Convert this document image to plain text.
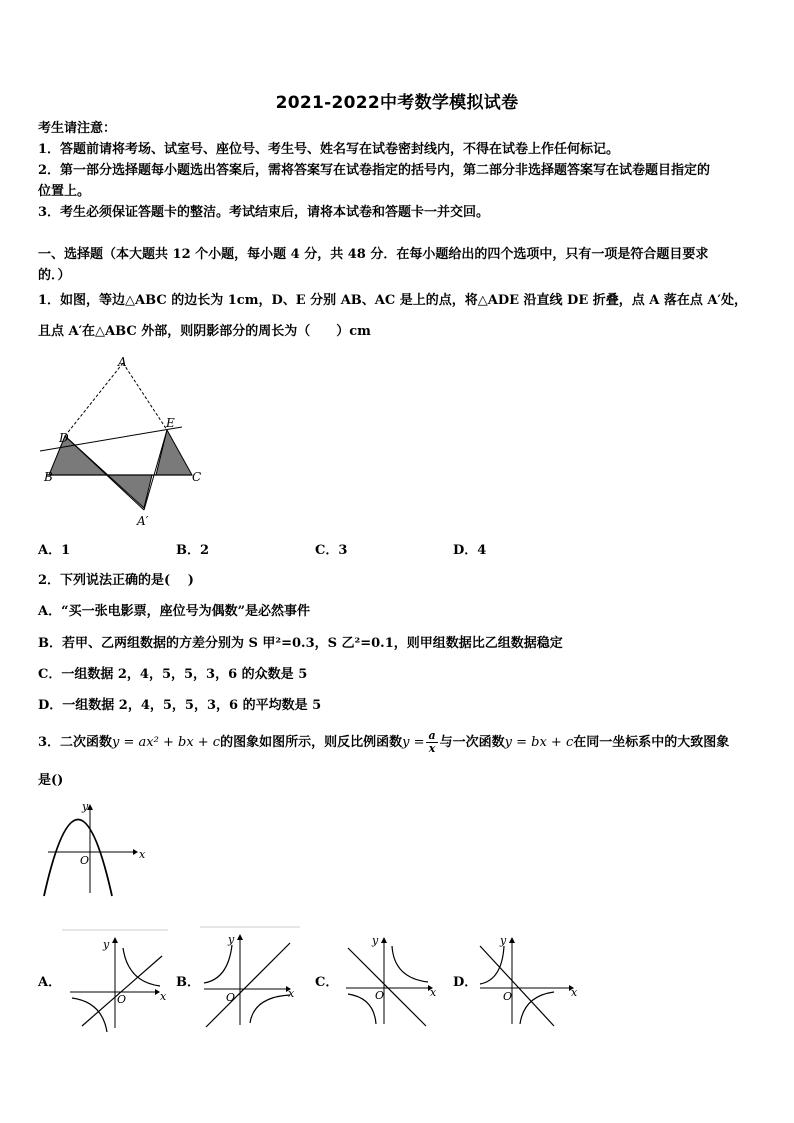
2021-2022中考数学模拟试卷
考生请注意：
1．答题前请将考场、试室号、座位号、考生号、姓名写在试卷密封线内，不得在试卷上作任何标记。
2．第一部分选择题每小题选出答案后，需将答案写在试卷指定的括号内，第二部分非选择题答案写在试卷题目指定的
位置上。
3．考生必须保证答题卡的整洁。考试结束后，请将本试卷和答题卡一并交回。
一、选择题（本大题共 12 个小题，每小题 4 分，共 48 分．在每小题给出的四个选项中，只有一项是符合题目要求
的．）
1．如图，等边△ABC 的边长为 1cm，D、E 分别 AB、AC 是上的点，将△ADE 沿直线 DE 折叠，点 A 落在点 A′处，
且点 A′在△ABC 外部，则阴影部分的周长为（　　）cm
A
B	C
D
E
A′
A．1	B．2	C．3	D．4
2．下列说法正确的是(　 )
A．“买一张电影票，座位号为偶数”是必然事件
B．若甲、乙两组数据的方差分别为 S 甲²=0.3，S 乙²=0.1，则甲组数据比乙组数据稳定
C．一组数据 2，4，5，5，3，6 的众数是 5
D．一组数据 2，4，5，5，3，6 的平均数是 5
3．二次函数y = ax² + bx + c的图象如图所示，则反比例函数$y = \frac{a}{x}$ 与一次函数y = bx + c在同一坐标系中的大致图象
是()
x
y
O
A．
x
y
O
B．
x
y
O
C．
x
y
O
D．
x
y
O
